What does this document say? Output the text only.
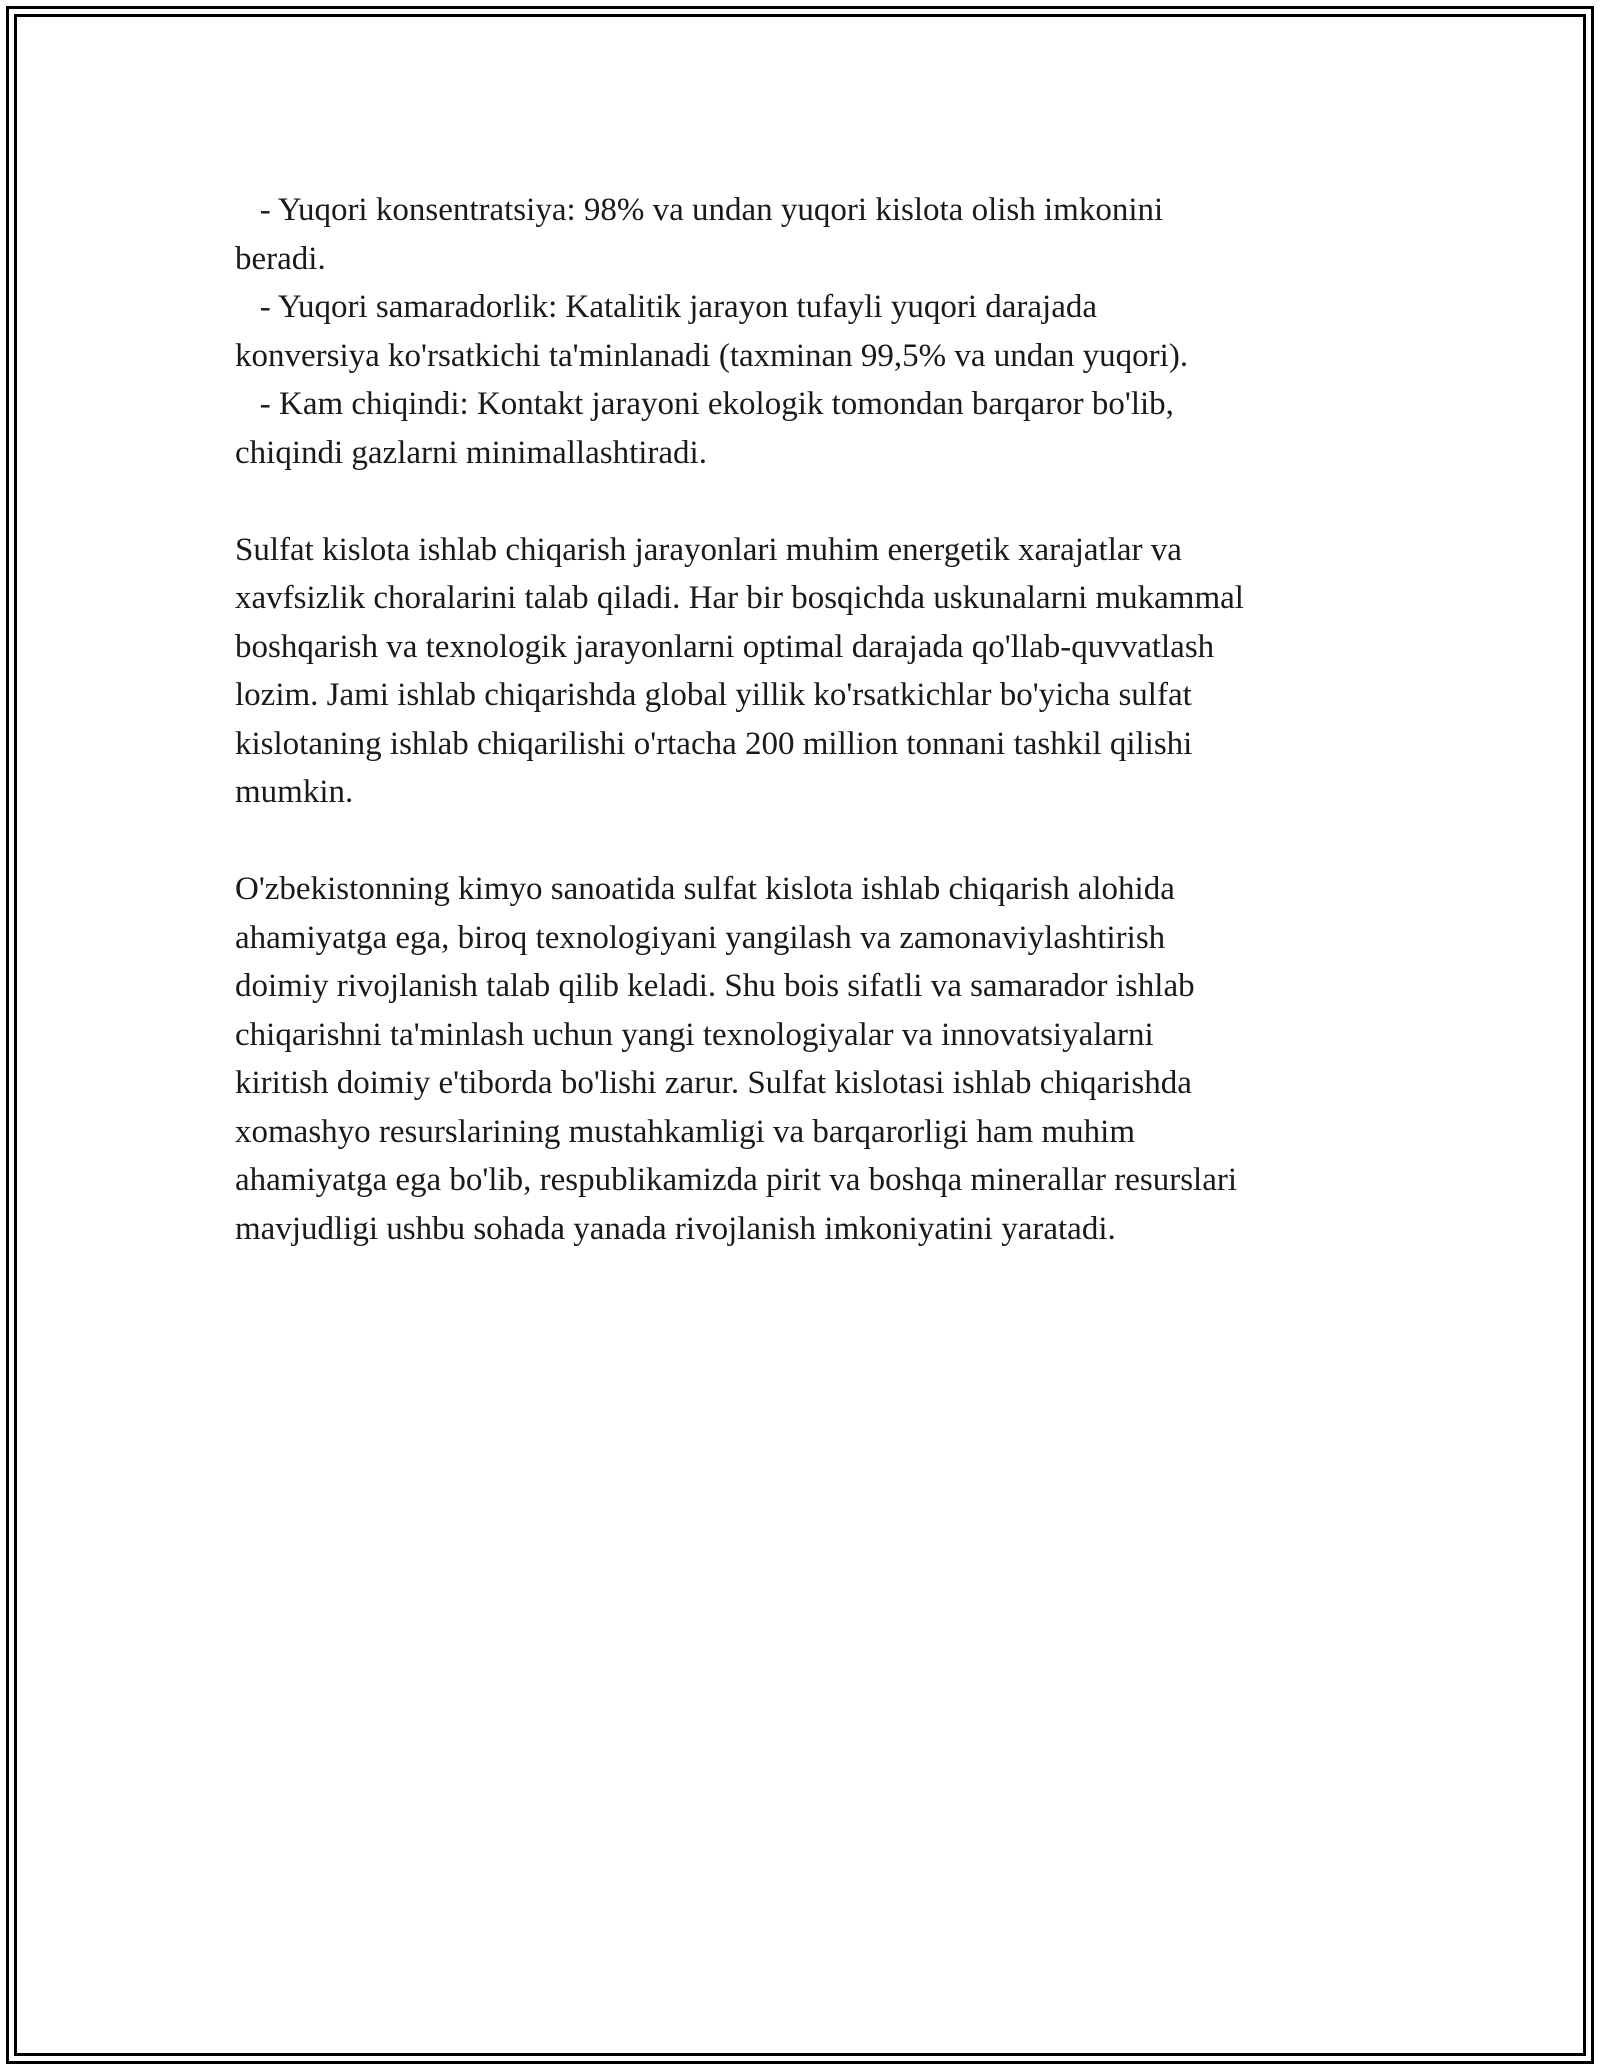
- Yuqori konsentratsiya: 98% va undan yuqori kislota olish imkonini
beradi.
- Yuqori samaradorlik: Katalitik jarayon tufayli yuqori darajada
konversiya ko'rsatkichi ta'minlanadi (taxminan 99,5% va undan yuqori).
- Kam chiqindi: Kontakt jarayoni ekologik tomondan barqaror bo'lib,
chiqindi gazlarni minimallashtiradi.
Sulfat kislota ishlab chiqarish jarayonlari muhim energetik xarajatlar va
xavfsizlik choralarini talab qiladi. Har bir bosqichda uskunalarni mukammal
boshqarish va texnologik jarayonlarni optimal darajada qo'llab-quvvatlash
lozim. Jami ishlab chiqarishda global yillik ko'rsatkichlar bo'yicha sulfat
kislotaning ishlab chiqarilishi o'rtacha 200 million tonnani tashkil qilishi
mumkin.
O'zbekistonning kimyo sanoatida sulfat kislota ishlab chiqarish alohida
ahamiyatga ega, biroq texnologiyani yangilash va zamonaviylashtirish
doimiy rivojlanish talab qilib keladi. Shu bois sifatli va samarador ishlab
chiqarishni ta'minlash uchun yangi texnologiyalar va innovatsiyalarni
kiritish doimiy e'tiborda bo'lishi zarur. Sulfat kislotasi ishlab chiqarishda
xomashyo resurslarining mustahkamligi va barqarorligi ham muhim
ahamiyatga ega bo'lib, respublikamizda pirit va boshqa minerallar resurslari
mavjudligi ushbu sohada yanada rivojlanish imkoniyatini yaratadi.
